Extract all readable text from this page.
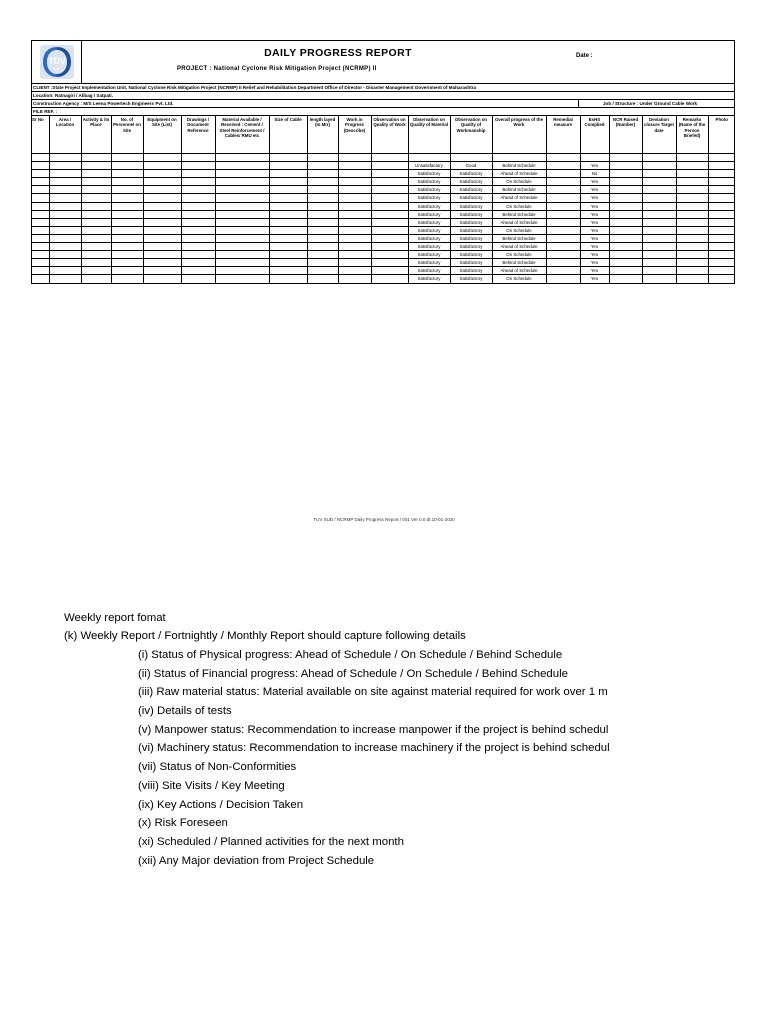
TÜV
SÜD
DAILY PROGRESS REPORT
PROJECT : National Cyclone Risk Mitigation Project (NCRMP) II
Date :
CLIENT :State Project Implementation Unit, National Cyclone Risk Mitigation Project (NCRMP) II Relief and Rehabilitation Department Office of Director - Disaster Management Government of Maharashtra
Location: Ratnagiri / Alibag / Satpati.
Construction Agency : M/S Leena Powertech Engineers Pvt. Ltd.	Job / Structure : Under Ground Cable Work
FILE REF. :
Sr No	Area / Location	Activity & its Place	No. of Personnel on Site	Equipment on Site (List)	Drawings / Document Reference	Material Available / Received : Cement / Steel Reinforcement / Cables/ RMU etc	Size of Cable	length layed (In Mtr)	Work in Progress (Describe)	Observation on Quality of Work	Observation on Quality of Material	Observation on Quality of Workmanship	Overall progress of the Work	Remedial measure	EsHS Complied	NCR Raised (Number)	Deviation closure Target date	Remarks (Name of the Person Briefed)	Photo

											Unsatisfactory	Good	Behind Schedule		Yes				
											Satisfactory	Satisfactory	Ahead of Schedule		No				
											Satisfactory	Satisfactory	On Schedule		Yes				
											Satisfactory	Satisfactory	Behind Schedule		Yes				
											Satisfactory	Satisfactory	Ahead of Schedule		Yes				
											Satisfactory	Satisfactory	On Schedule		Yes				
											Satisfactory	Satisfactory	Behind Schedule		Yes				
											Satisfactory	Satisfactory	Ahead of Schedule		Yes				
											Satisfactory	Satisfactory	On Schedule		Yes				
											Satisfactory	Satisfactory	Behind Schedule		Yes				
											Satisfactory	Satisfactory	Ahead of Schedule		Yes				
											Satisfactory	Satisfactory	On Schedule		Yes				
											Satisfactory	Satisfactory	Behind Schedule		Yes				
											Satisfactory	Satisfactory	Ahead of Schedule		Yes				
											Satisfactory	Satisfactory	On Schedule		Yes				
TUV SUD / NCRMP Daily Progress Report / 001 Ver 0.0 dt.10-01-2020
Weekly report fomat
(k) Weekly Report / Fortnightly / Monthly Report should capture following details
(i) Status of Physical progress: Ahead of Schedule / On Schedule / Behind Schedule
(ii) Status of Financial progress: Ahead of Schedule / On Schedule / Behind Schedule
(iii) Raw material status: Material available on site against material required for work over 1 m
(iv) Details of tests
(v) Manpower status: Recommendation to increase manpower if the project is behind schedul
(vi) Machinery status: Recommendation to increase machinery if the project is behind schedul
(vii) Status of Non-Conformities
(viii) Site Visits / Key Meeting
(ix) Key Actions / Decision Taken
(x) Risk Foreseen
(xi) Scheduled / Planned activities for the next month
(xii) Any Major deviation from Project Schedule
